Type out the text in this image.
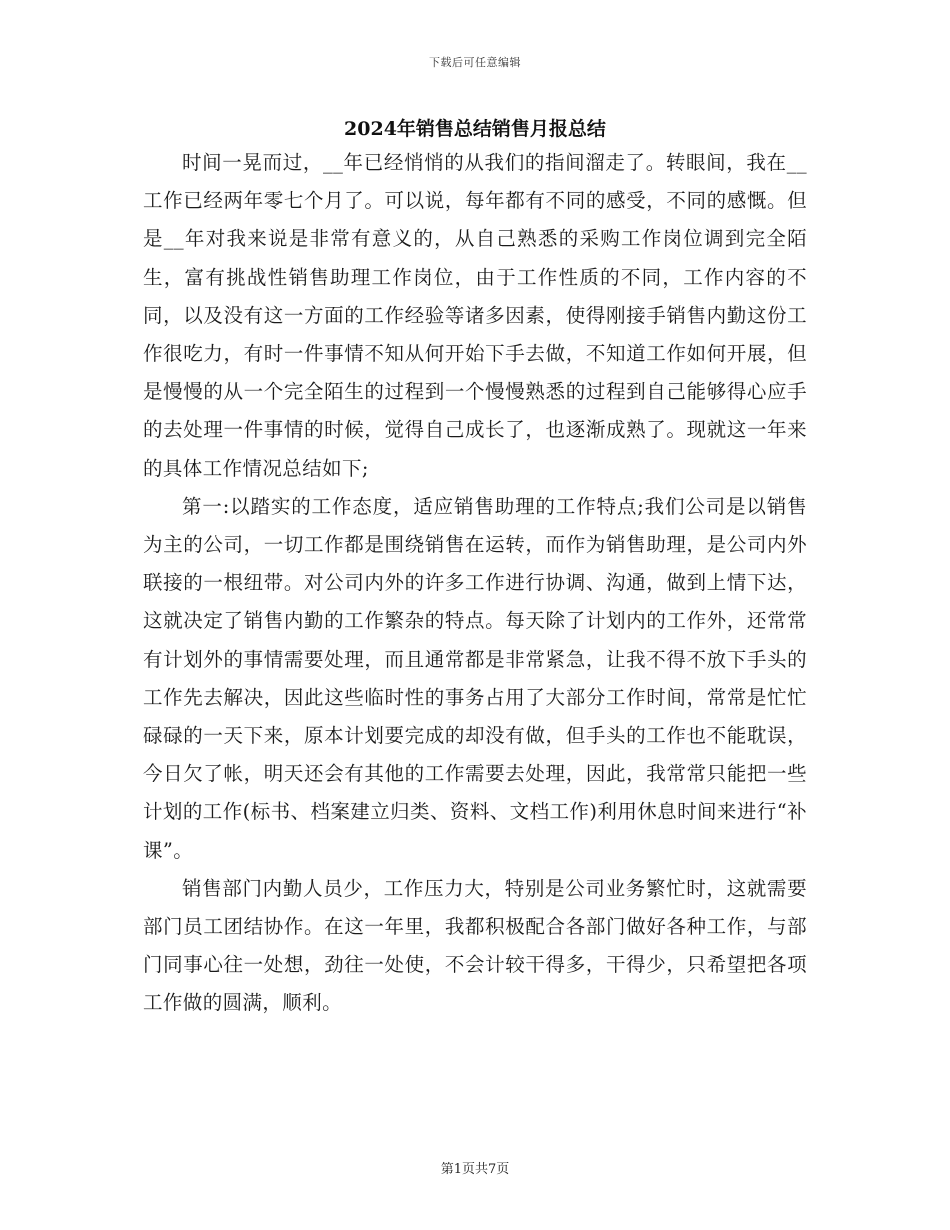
下载后可任意编辑
2024年销售总结销售月报总结

时间一晃而过，__年已经悄悄的从我们的指间溜走了。转眼间，我在__工作已经两年零七个月了。可以说，每年都有不同的感受，不同的感慨。但是__年对我来说是非常有意义的，从自己熟悉的采购工作岗位调到完全陌生，富有挑战性销售助理工作岗位，由于工作性质的不同，工作内容的不同，以及没有这一方面的工作经验等诸多因素，使得刚接手销售内勤这份工作很吃力，有时一件事情不知从何开始下手去做，不知道工作如何开展，但是慢慢的从一个完全陌生的过程到一个慢慢熟悉的过程到自己能够得心应手的去处理一件事情的时候，觉得自己成长了，也逐渐成熟了。现就这一年来的具体工作情况总结如下;

第一:以踏实的工作态度，适应销售助理的工作特点;我们公司是以销售为主的公司，一切工作都是围绕销售在运转，而作为销售助理，是公司内外联接的一根纽带。对公司内外的许多工作进行协调、沟通，做到上情下达，这就决定了销售内勤的工作繁杂的特点。每天除了计划内的工作外，还常常有计划外的事情需要处理，而且通常都是非常紧急，让我不得不放下手头的工作先去解决，因此这些临时性的事务占用了大部分工作时间，常常是忙忙碌碌的一天下来，原本计划要完成的却没有做，但手头的工作也不能耽误，今日欠了帐，明天还会有其他的工作需要去处理，因此，我常常只能把一些计划的工作(标书、档案建立归类、资料、文档工作)利用休息时间来进行“补课”。

销售部门内勤人员少，工作压力大，特别是公司业务繁忙时，这就需要部门员工团结协作。在这一年里，我都积极配合各部门做好各种工作，与部门同事心往一处想，劲往一处使，不会计较干得多，干得少，只希望把各项工作做的圆满，顺利。

第1页共7页
